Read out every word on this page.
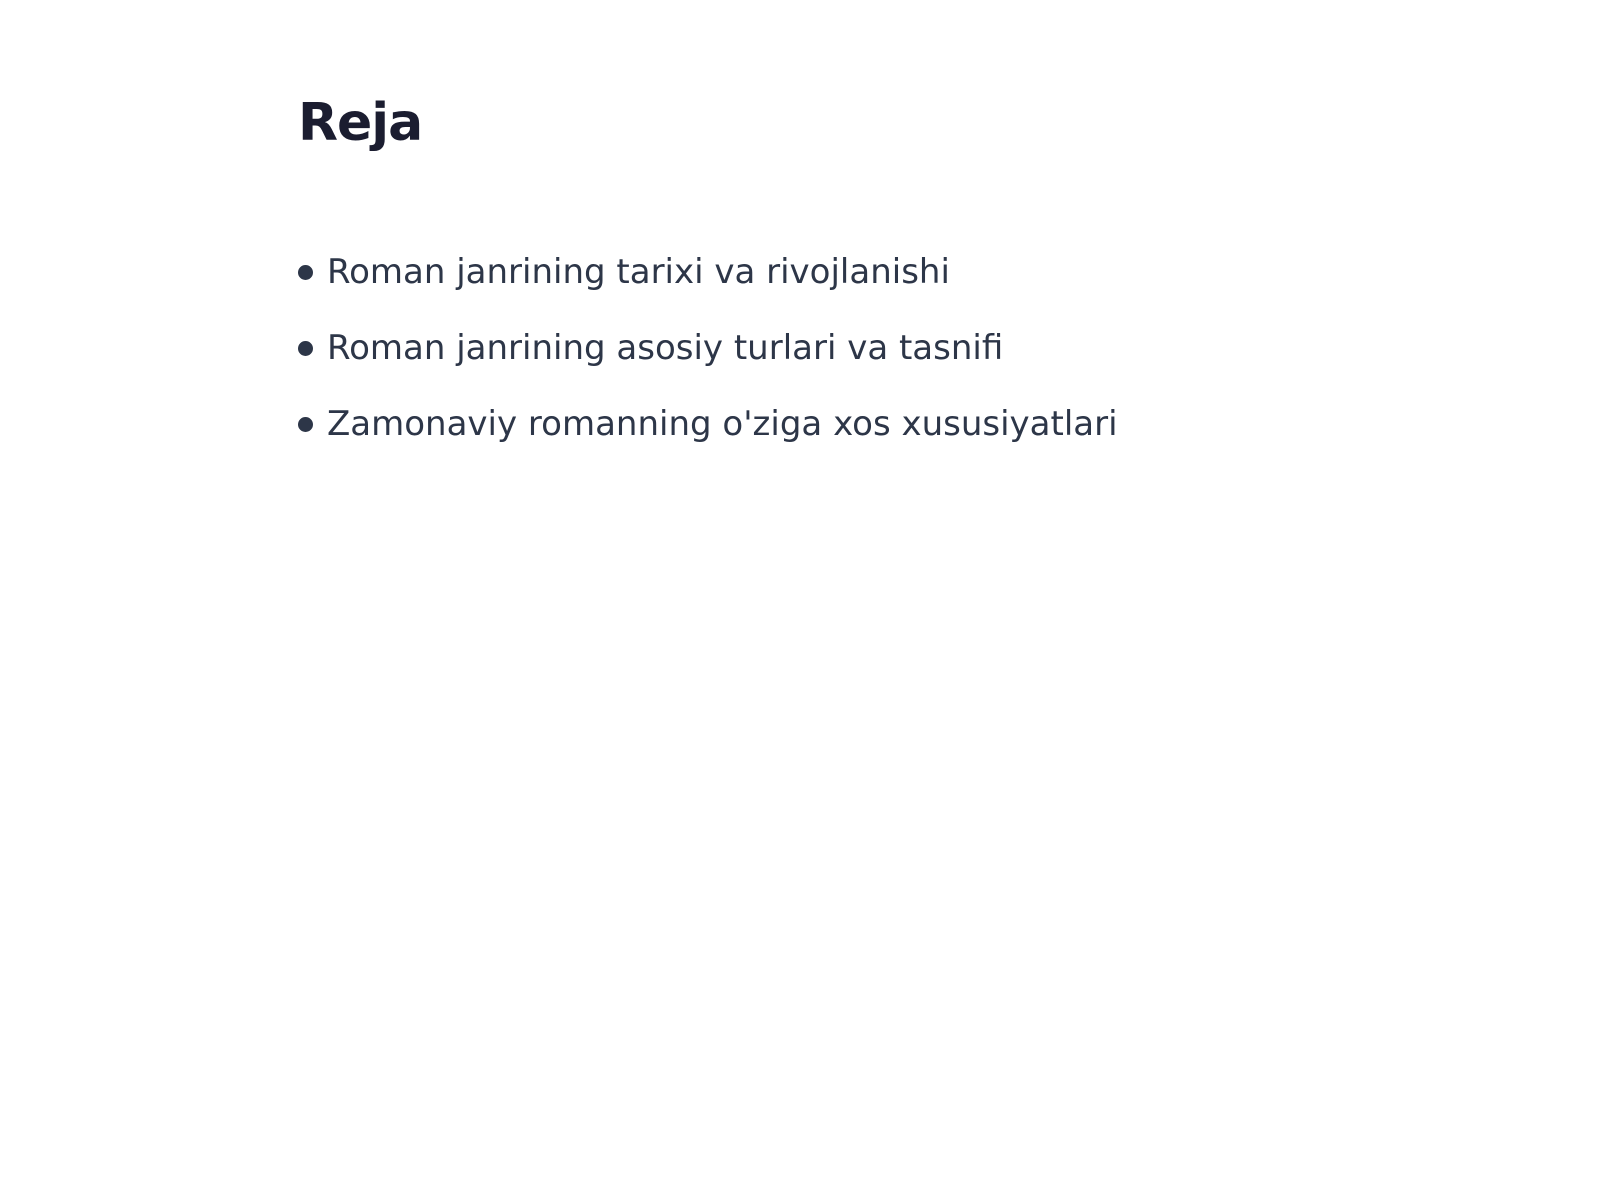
Reja
Roman janrining tarixi va rivojlanishi
Roman janrining asosiy turlari va tasnifi
Zamonaviy romanning o'ziga xos xususiyatlari
